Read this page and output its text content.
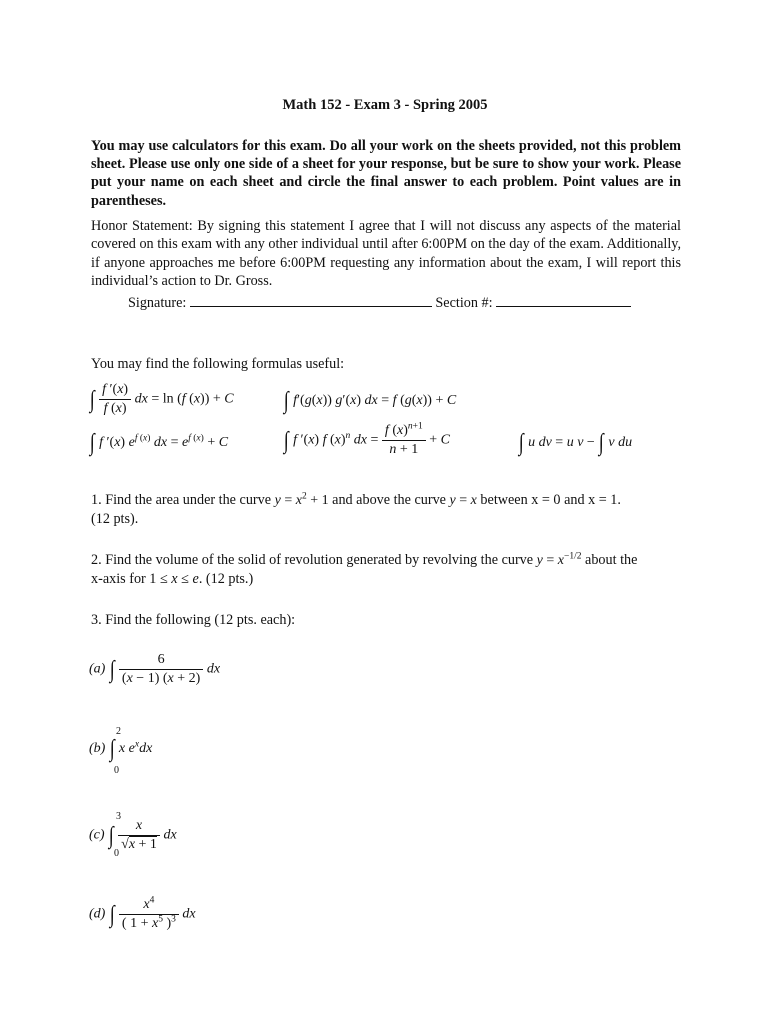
Math 152 - Exam 3 - Spring 2005
You may use calculators for this exam. Do all your work on the sheets provided, not this problem sheet. Please use only one side of a sheet for your response, but be sure to show your work. Please put your name on each sheet and circle the final answer to each problem. Point values are in parentheses.
Honor Statement: By signing this statement I agree that I will not discuss any aspects of the material covered on this exam with any other individual until after 6:00PM on the day of the exam. Additionally, if anyone approaches me before 6:00PM requesting any information about the exam, I will report this individual’s action to Dr. Gross.
Signature:	Section #:
You may find the following formulas useful:
∫ $\frac{f '(x)}{f (x)}$ dx = ln (f (x)) + C ∫ f′(g(x)) g′(x) dx = f (g(x)) + C
∫ f ′(x) $e^{f (x)}$ dx = $e^{f (x)} + C$ ∫ f ′(x) f $(x)^n$ dx = $\frac{f (x)^{n+1}}{n + 1} + C$	∫ u dv = u v − ∫ v du
1. Find the area under the curve $y = x^2 + 1$ and above the curve y = x between x = 0 and x = 1.
(12 pts).
2. Find the volume of the solid of revolution generated by revolving the curve $y = x^{-1/2}$ about the
x-axis for 1 ≤ x ≤ e. (12 pts.)
3. Find the following (12 pts. each):
(a) ∫ $\frac{6}{(x - 1) (x + 2)}$ dx
2
0
(b) ∫ x $e^xdx$
3
0
(c) ∫ $\frac{x}{√x + 1}$ dx
(d) ∫ $\frac{x^4}{( 1 + x^5 )^3}$ dx
